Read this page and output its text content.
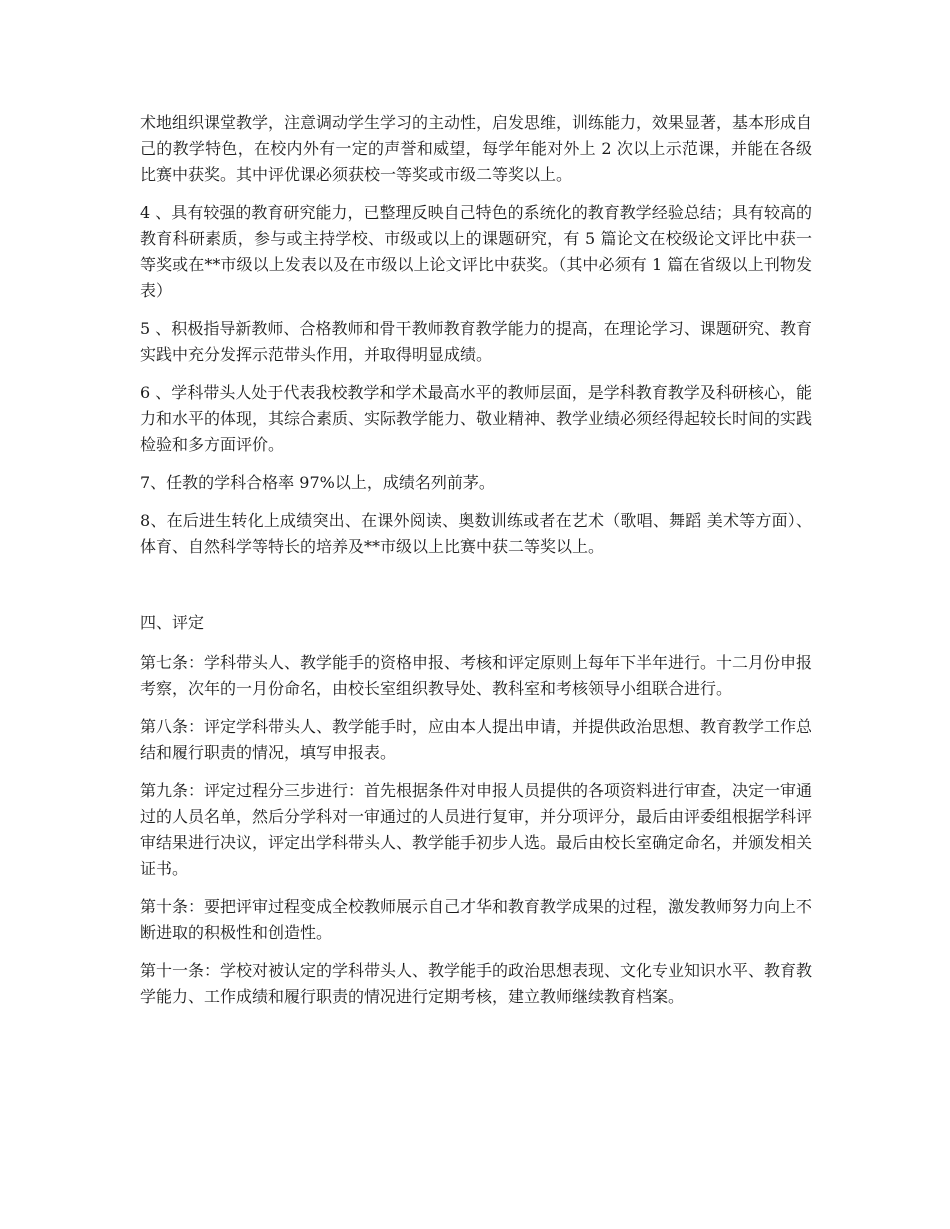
术地组织课堂教学，注意调动学生学习的主动性，启发思维，训练能力，效果显著，基本形成自己的教学特色，在校内外有一定的声誉和威望，每学年能对外上 2 次以上示范课，并能在各级比赛中获奖。其中评优课必须获校一等奖或市级二等奖以上。

4 、具有较强的教育研究能力，已整理反映自己特色的系统化的教育教学经验总结；具有较高的教育科研素质，参与或主持学校、市级或以上的课题研究，有 5 篇论文在校级论文评比中获一等奖或在**市级以上发表以及在市级以上论文评比中获奖。（其中必须有 1 篇在省级以上刊物发表）

5 、积极指导新教师、合格教师和骨干教师教育教学能力的提高，在理论学习、课题研究、教育实践中充分发挥示范带头作用，并取得明显成绩。

6 、学科带头人处于代表我校教学和学术最高水平的教师层面，是学科教育教学及科研核心，能力和水平的体现，其综合素质、实际教学能力、敬业精神、教学业绩必须经得起较长时间的实践检验和多方面评价。

7、任教的学科合格率 97%以上，成绩名列前茅。

8、在后进生转化上成绩突出、在课外阅读、奥数训练或者在艺术（歌唱、舞蹈 美术等方面）、体育、自然科学等特长的培养及**市级以上比赛中获二等奖以上。

四、评定

第七条：学科带头人、教学能手的资格申报、考核和评定原则上每年下半年进行。十二月份申报考察，次年的一月份命名，由校长室组织教导处、教科室和考核领导小组联合进行。

第八条：评定学科带头人、教学能手时，应由本人提出申请，并提供政治思想、教育教学工作总结和履行职责的情况，填写申报表。

第九条：评定过程分三步进行：首先根据条件对申报人员提供的各项资料进行审查，决定一审通过的人员名单，然后分学科对一审通过的人员进行复审，并分项评分，最后由评委组根据学科评审结果进行决议，评定出学科带头人、教学能手初步人选。最后由校长室确定命名，并颁发相关证书。

第十条：要把评审过程变成全校教师展示自己才华和教育教学成果的过程，激发教师努力向上不断进取的积极性和创造性。

第十一条：学校对被认定的学科带头人、教学能手的政治思想表现、文化专业知识水平、教育教学能力、工作成绩和履行职责的情况进行定期考核，建立教师继续教育档案。
